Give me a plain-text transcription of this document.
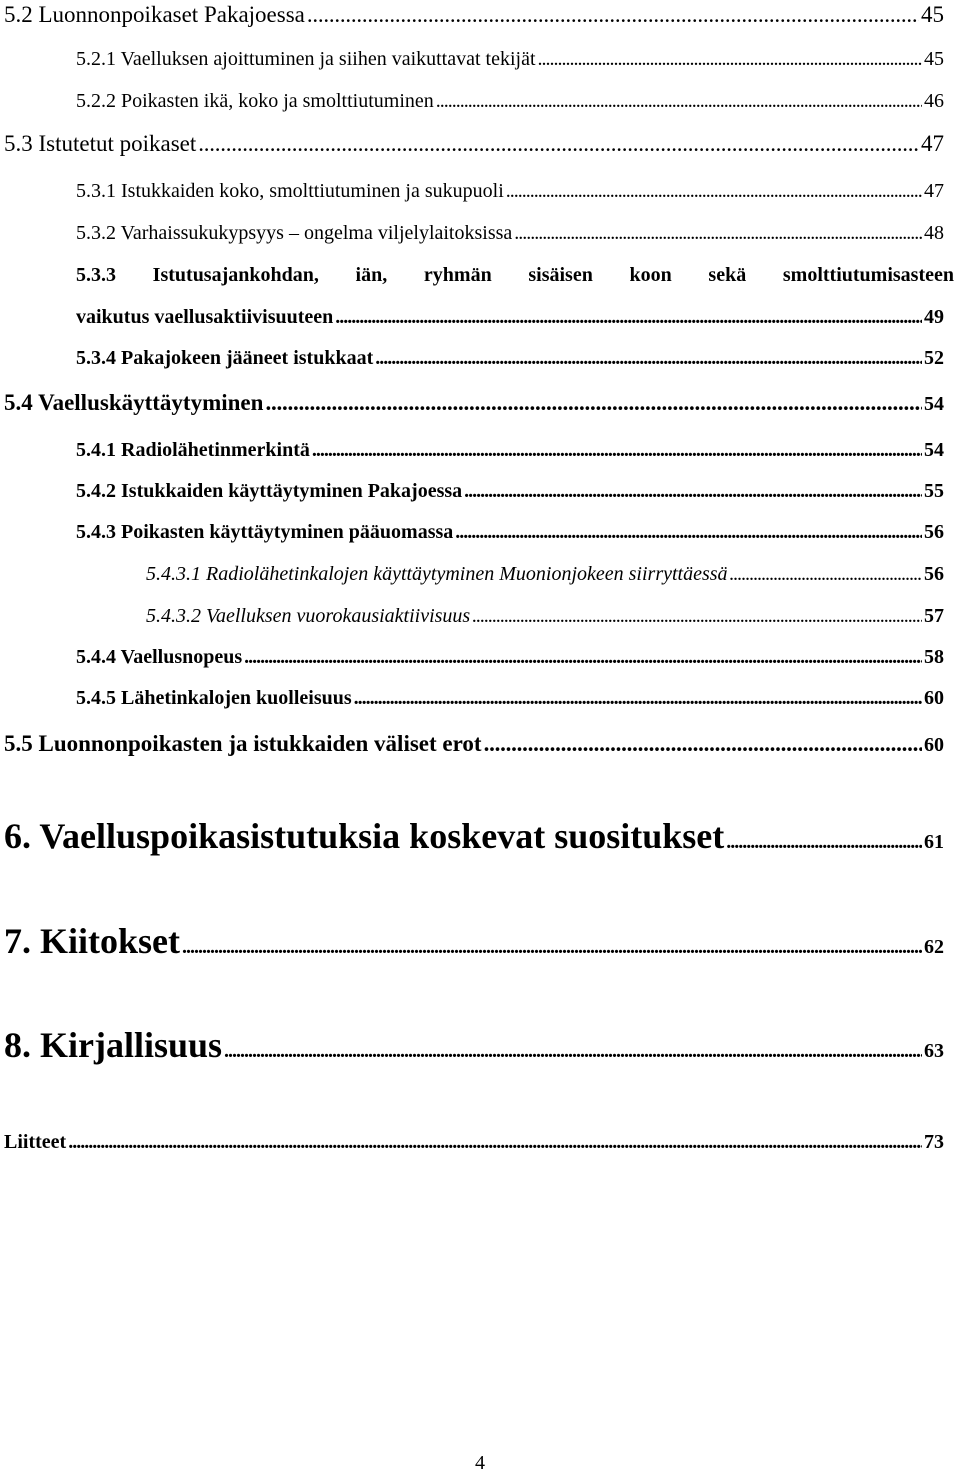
5.2 Luonnonpoikaset Pakajoessa . . .	45
5.2.1 Vaelluksen ajoittuminen ja siihen vaikuttavat tekijät . . .	45
5.2.2 Poikasten ikä, koko ja smolttiutuminen . . .	46
5.3 Istutetut poikaset . . .	47
5.3.1 Istukkaiden koko, smolttiutuminen ja sukupuoli . . .	47
5.3.2 Varhaissukukypsyys – ongelma viljelylaitoksissa . . .	48
5.3.3 Istutusajankohdan, iän, ryhmän sisäisen koon sekä smolttiutumisasteen
vaikutus vaellusaktiivisuuteen . . .	49
5.3.4 Pakajokeen jääneet istukkaat . . .	52
5.4 Vaelluskäyttäytyminen . . .	54
5.4.1 Radiolähetinmerkintä . . .	54
5.4.2 Istukkaiden käyttäytyminen Pakajoessa . . .	55
5.4.3 Poikasten käyttäytyminen pääuomassa . . .	56
5.4.3.1 Radiolähetinkalojen käyttäytyminen Muonionjokeen siirryttäessä . . .	56
5.4.3.2 Vaelluksen vuorokausiaktiivisuus . . .	57
5.4.4 Vaellusnopeus . . .	58
5.4.5 Lähetinkalojen kuolleisuus . . .	60
5.5 Luonnonpoikasten ja istukkaiden väliset erot . . .	60
6. Vaelluspoikasistutuksia koskevat suositukset . . .	61
7. Kiitokset . . .	62
8. Kirjallisuus . . .	63
Liitteet . . .	73
4
